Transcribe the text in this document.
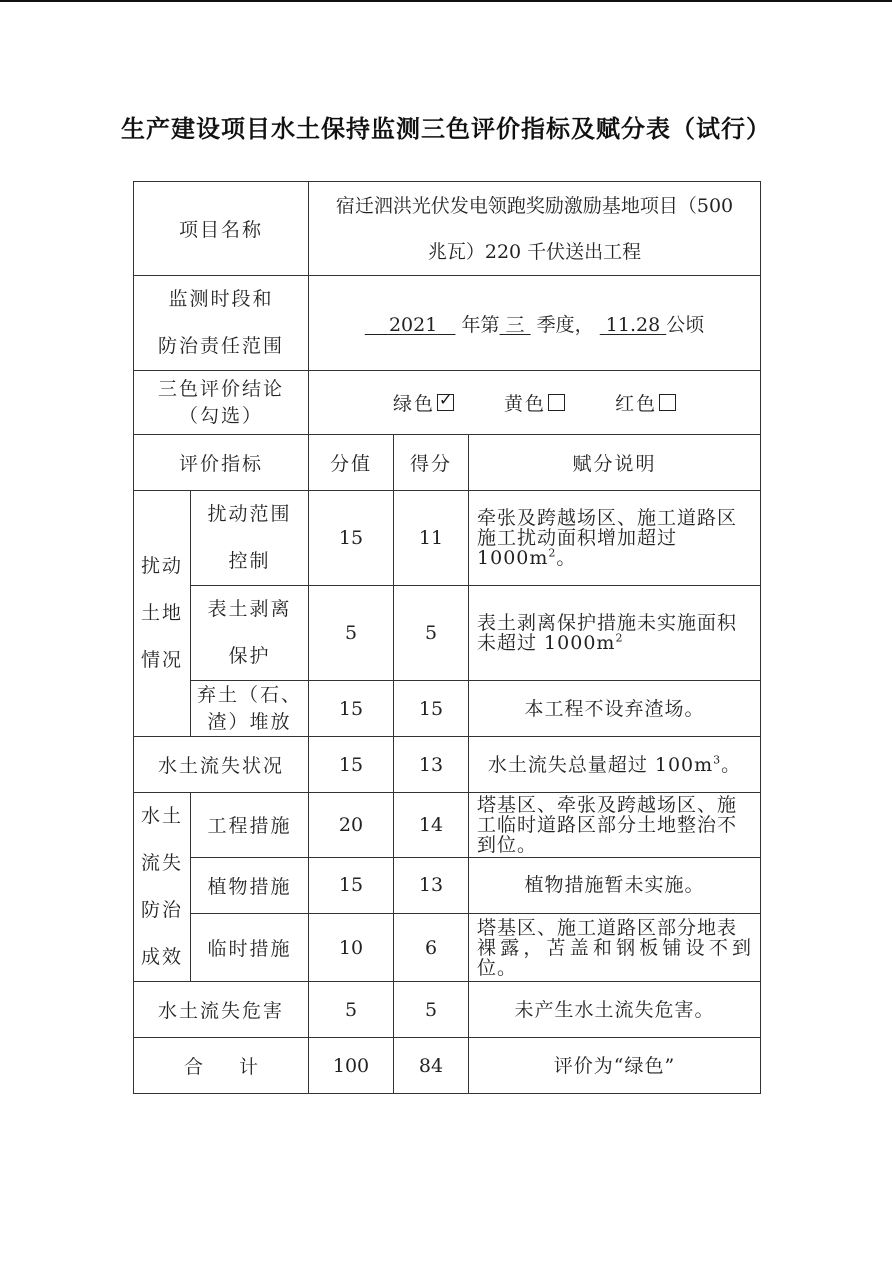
生产建设项目水土保持监测三色评价指标及赋分表（试行）
项目名称		宿迁泗洪光伏发电领跑奖励激励基地项目（500
兆瓦）220 千伏送出工程		
监测时段和
防治责任范围		2021 年第 三 季度， 11.28 公顷		
三色评价结论
（勾选）		绿色 ✓ 黄色 红色		
评价指标		分值	得分	赋分说明
扰动
土地
情况	扰动范围
控制	15	11	牵张及跨越场区、施工道路区
施工扰动面积增加超过
$1000m^2$。
	表土剥离
保护	5	5	表土剥离保护措施未实施面积
未超过 $1000m^2$
	弃土（石、
渣）堆放	15	15	本工程不设弃渣场。
水土流失状况		15	13	水土流失总量超过 $100m^3$。
水土
流失
防治
成效	工程措施	20	14	塔基区、牵张及跨越场区、施
工临时道路区部分土地整治不
到位。
	植物措施	15	13	植物措施暂未实施。
	临时措施	10	6	塔基区、施工道路区部分地表
裸露，苫盖和钢板铺设不到位。
水土流失危害		5	5	未产生水土流失危害。
合 计		100	84	评价为“绿色”
